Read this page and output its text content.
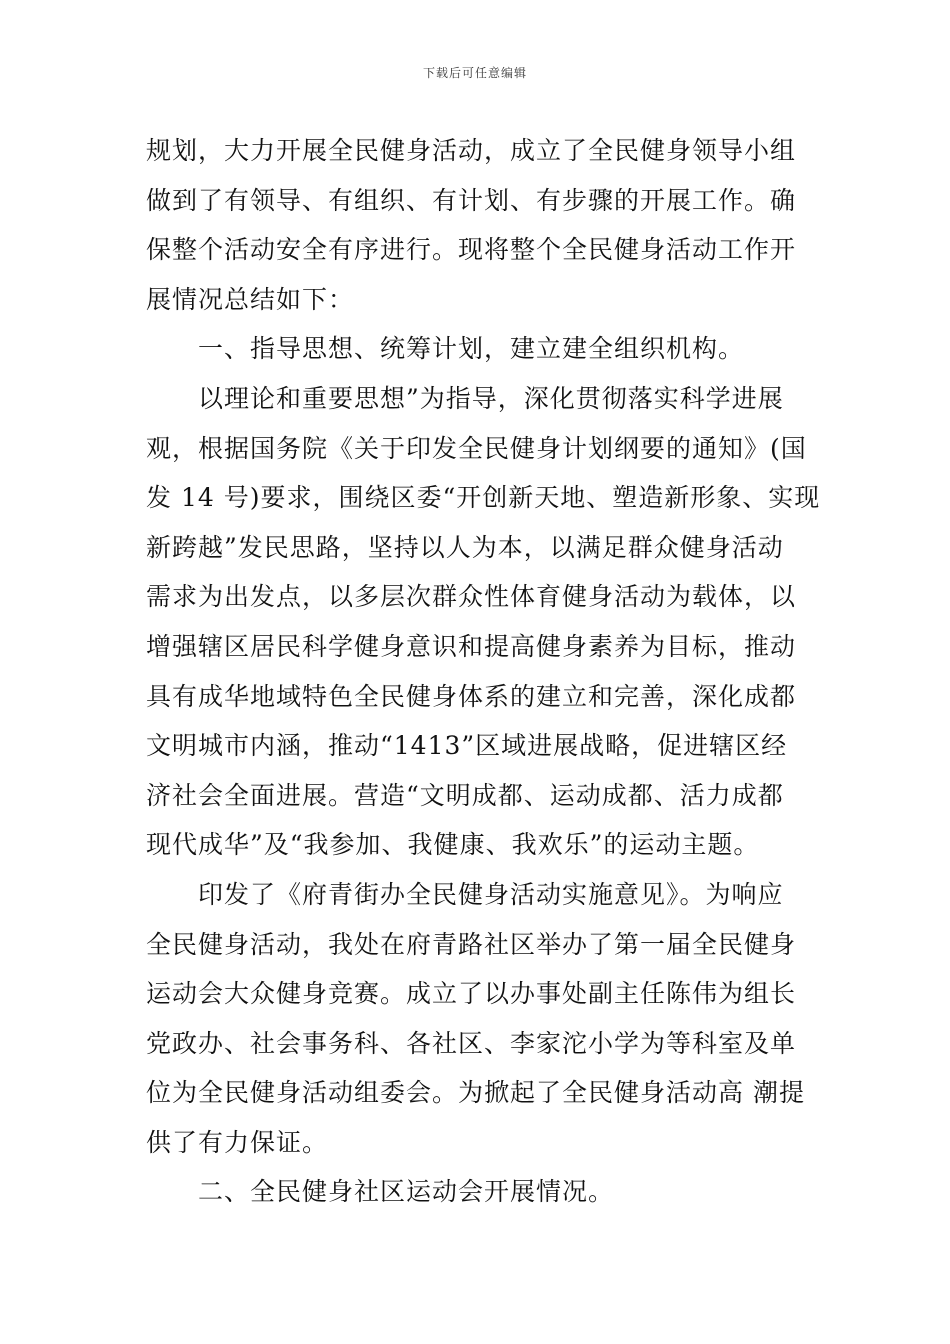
下载后可任意编辑
规划，大力开展全民健身活动，成立了全民健身领导小组
做到了有领导、有组织、有计划、有步骤的开展工作。确
保整个活动安全有序进行。现将整个全民健身活动工作开
展情况总结如下：
一、指导思想、统筹计划，建立建全组织机构。
以理论和重要思想”为指导，深化贯彻落实科学进展
观，根据国务院《关于印发全民健身计划纲要的通知》(国
发 14 号)要求，围绕区委“开创新天地、塑造新形象、实现
新跨越”发民思路，坚持以人为本，以满足群众健身活动
需求为出发点，以多层次群众性体育健身活动为载体，以
增强辖区居民科学健身意识和提高健身素养为目标，推动
具有成华地域特色全民健身体系的建立和完善，深化成都
文明城市内涵，推动“1413”区域进展战略，促进辖区经
济社会全面进展。营造“文明成都、运动成都、活力成都
现代成华”及“我参加、我健康、我欢乐”的运动主题。
印发了《府青街办全民健身活动实施意见》。为响应
全民健身活动，我处在府青路社区举办了第一届全民健身
运动会大众健身竞赛。成立了以办事处副主任陈伟为组长
党政办、社会事务科、各社区、李家沱小学为等科室及单
位为全民健身活动组委会。为掀起了全民健身活动高 潮提
供了有力保证。
二、全民健身社区运动会开展情况。
